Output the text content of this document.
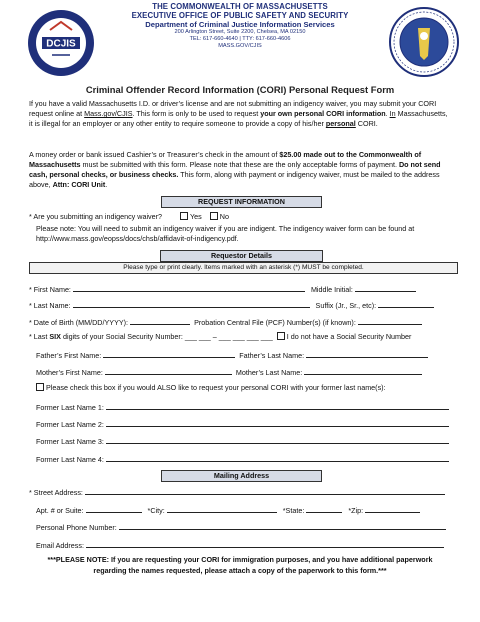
DCJIS
THE COMMONWEALTH OF MASSACHUSETTS
EXECUTIVE OFFICE OF PUBLIC SAFETY AND SECURITY
Department of Criminal Justice Information Services
200 Arlington Street, Suite 2200, Chelsea, MA 02150
TEL: 617-660-4640 | TTY: 617-660-4606
MASS.GOV/CJIS
Criminal Offender Record Information (CORI) Personal Request Form
If you have a valid Massachusetts I.D. or driver’s license and are not submitting an indigency waiver, you may submit your CORI request online at Mass.gov/CJIS. This form is only to be used to request your own personal CORI information. In Massachusetts, it is illegal for an employer or any other entity to require someone to provide a copy of his/her personal CORI.
A money order or bank issued Cashier’s or Treasurer’s check in the amount of $25.00 made out to the Commonwealth of Massachusetts must be submitted with this form. Please note that these are the only acceptable forms of payment. Do not send cash, personal checks, or business checks. This form, along with payment or indigency waiver, must be mailed to the address above, Attn: CORI Unit.
REQUEST INFORMATION
* Are you submitting an indigency waiver?	Yes	No
Please note: You will need to submit an indigency waiver if you are indigent. The indigency waiver form can be found at http://www.mass.gov/eopss/docs/chsb/affidavit-of-indigency.pdf.
Requestor Details
Please type or print clearly. Items marked with an asterisk (*) MUST be completed.
* First Name:	Middle Initial:
* Last Name:	Suffix (Jr., Sr., etc):
* Date of Birth (MM/DD/YYYY):	Probation Central File (PCF) Number(s) (if known):
* Last SIX digits of your Social Security Number: ___ ___ – ___ ___ ___ ___ I do not have a Social Security Number
Father’s First Name:	Father’s Last Name:
Mother’s First Name:	Mother’s Last Name:
Please check this box if you would ALSO like to request your personal CORI with your former last name(s):
Former Last Name 1:
Former Last Name 2:
Former Last Name 3:
Former Last Name 4:
Mailing Address
* Street Address:
Apt. # or Suite:	*City:	*State:	*Zip:
Personal Phone Number:
Email Address:
***PLEASE NOTE: If you are requesting your CORI for immigration purposes, and you have additional paperwork
regarding the names requested, please attach a copy of the paperwork to this form.***
